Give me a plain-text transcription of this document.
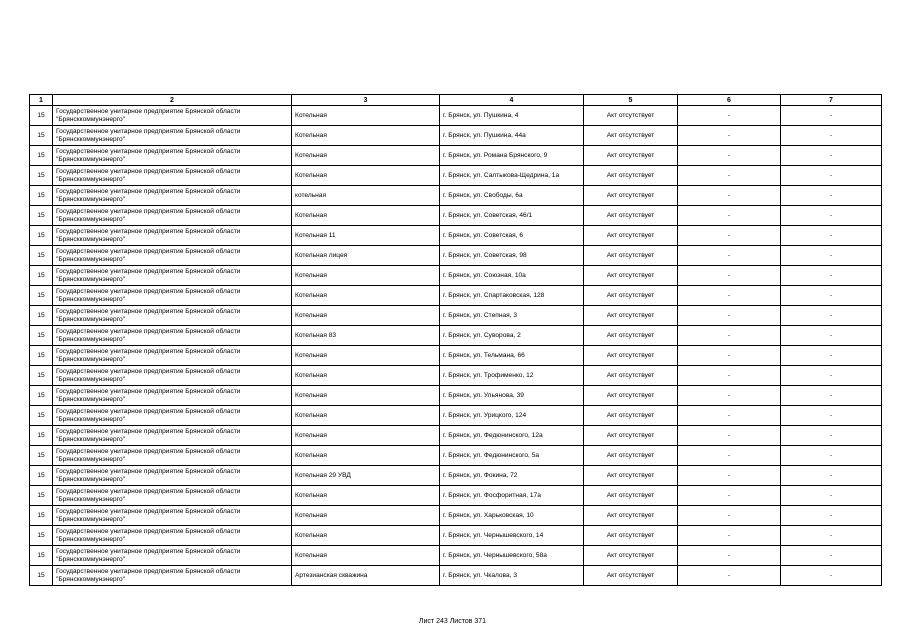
1	2	3	4	5	6	7
15	Государственное унитарное предприятие Брянской области "Брянсккоммунэнерго"	Котельная	г. Брянск, ул. Пушкина, 4	Акт отсутствует	-	-
15	Государственное унитарное предприятие Брянской области "Брянсккоммунэнерго"	Котельная	г. Брянск, ул. Пушкина, 44а	Акт отсутствует	-	-
15	Государственное унитарное предприятие Брянской области "Брянсккоммунэнерго"	Котельная	г. Брянск, ул. Романа Брянского, 9	Акт отсутствует	-	-
15	Государственное унитарное предприятие Брянской области "Брянсккоммунэнерго"	Котельная	г. Брянск, ул. Салтыкова-Щедрина, 1а	Акт отсутствует	-	-
15	Государственное унитарное предприятие Брянской области "Брянсккоммунэнерго"	котельная	г. Брянск, ул. Свободы, 6а	Акт отсутствует	-	-
15	Государственное унитарное предприятие Брянской области "Брянсккоммунэнерго"	Котельная	г. Брянск, ул. Советская, 46/1	Акт отсутствует	-	-
15	Государственное унитарное предприятие Брянской области "Брянсккоммунэнерго"	Котельная 11	г. Брянск, ул. Советская, 6	Акт отсутствует	-	-
15	Государственное унитарное предприятие Брянской области "Брянсккоммунэнерго"	Котельная лицея	г. Брянск, ул. Советская, 98	Акт отсутствует	-	-
15	Государственное унитарное предприятие Брянской области "Брянсккоммунэнерго"	Котельная	г. Брянск, ул. Союзная, 10а	Акт отсутствует	-	-
15	Государственное унитарное предприятие Брянской области "Брянсккоммунэнерго"	Котельная	г. Брянск, ул. Спартаковская, 128	Акт отсутствует	-	-
15	Государственное унитарное предприятие Брянской области "Брянсккоммунэнерго"	Котельная	г. Брянск, ул. Степная, 3	Акт отсутствует	-	-
15	Государственное унитарное предприятие Брянской области "Брянсккоммунэнерго"	Котельная 83	г. Брянск, ул. Суворова, 2	Акт отсутствует	-	-
15	Государственное унитарное предприятие Брянской области "Брянсккоммунэнерго"	Котельная	г. Брянск, ул. Тельмана, 66	Акт отсутствует	-	-
15	Государственное унитарное предприятие Брянской области "Брянсккоммунэнерго"	Котельная	г. Брянск, ул. Трофименко, 12	Акт отсутствует	-	-
15	Государственное унитарное предприятие Брянской области "Брянсккоммунэнерго"	Котельная	г. Брянск, ул. Ульянова, 39	Акт отсутствует	-	-
15	Государственное унитарное предприятие Брянской области "Брянсккоммунэнерго"	Котельная	г. Брянск, ул. Урицкого, 124	Акт отсутствует	-	-
15	Государственное унитарное предприятие Брянской области "Брянсккоммунэнерго"	Котельная	г. Брянск, ул. Федюнинского, 12а	Акт отсутствует	-	-
15	Государственное унитарное предприятие Брянской области "Брянсккоммунэнерго"	Котельная	г. Брянск, ул. Федюнинского, 5а	Акт отсутствует	-	-
15	Государственное унитарное предприятие Брянской области "Брянсккоммунэнерго"	Котельная 29 УВД	г. Брянск, ул. Фокина, 72	Акт отсутствует	-	-
15	Государственное унитарное предприятие Брянской области "Брянсккоммунэнерго"	Котельная	г. Брянск, ул. Фосфоритная, 17а	Акт отсутствует	-	-
15	Государственное унитарное предприятие Брянской области "Брянсккоммунэнерго"	Котельная	г. Брянск, ул. Харьковская, 10	Акт отсутствует	-	-
15	Государственное унитарное предприятие Брянской области "Брянсккоммунэнерго"	Котельная	г. Брянск, ул. Чернышевского, 14	Акт отсутствует	-	-
15	Государственное унитарное предприятие Брянской области "Брянсккоммунэнерго"	Котельная	г. Брянск, ул. Чернышевского, 58а	Акт отсутствует	-	-
15	Государственное унитарное предприятие Брянской области "Брянсккоммунэнерго"	Артезианская скважина	г. Брянск, ул. Чкалова, 3	Акт отсутствует	-	-
Лист 243 Листов 371
